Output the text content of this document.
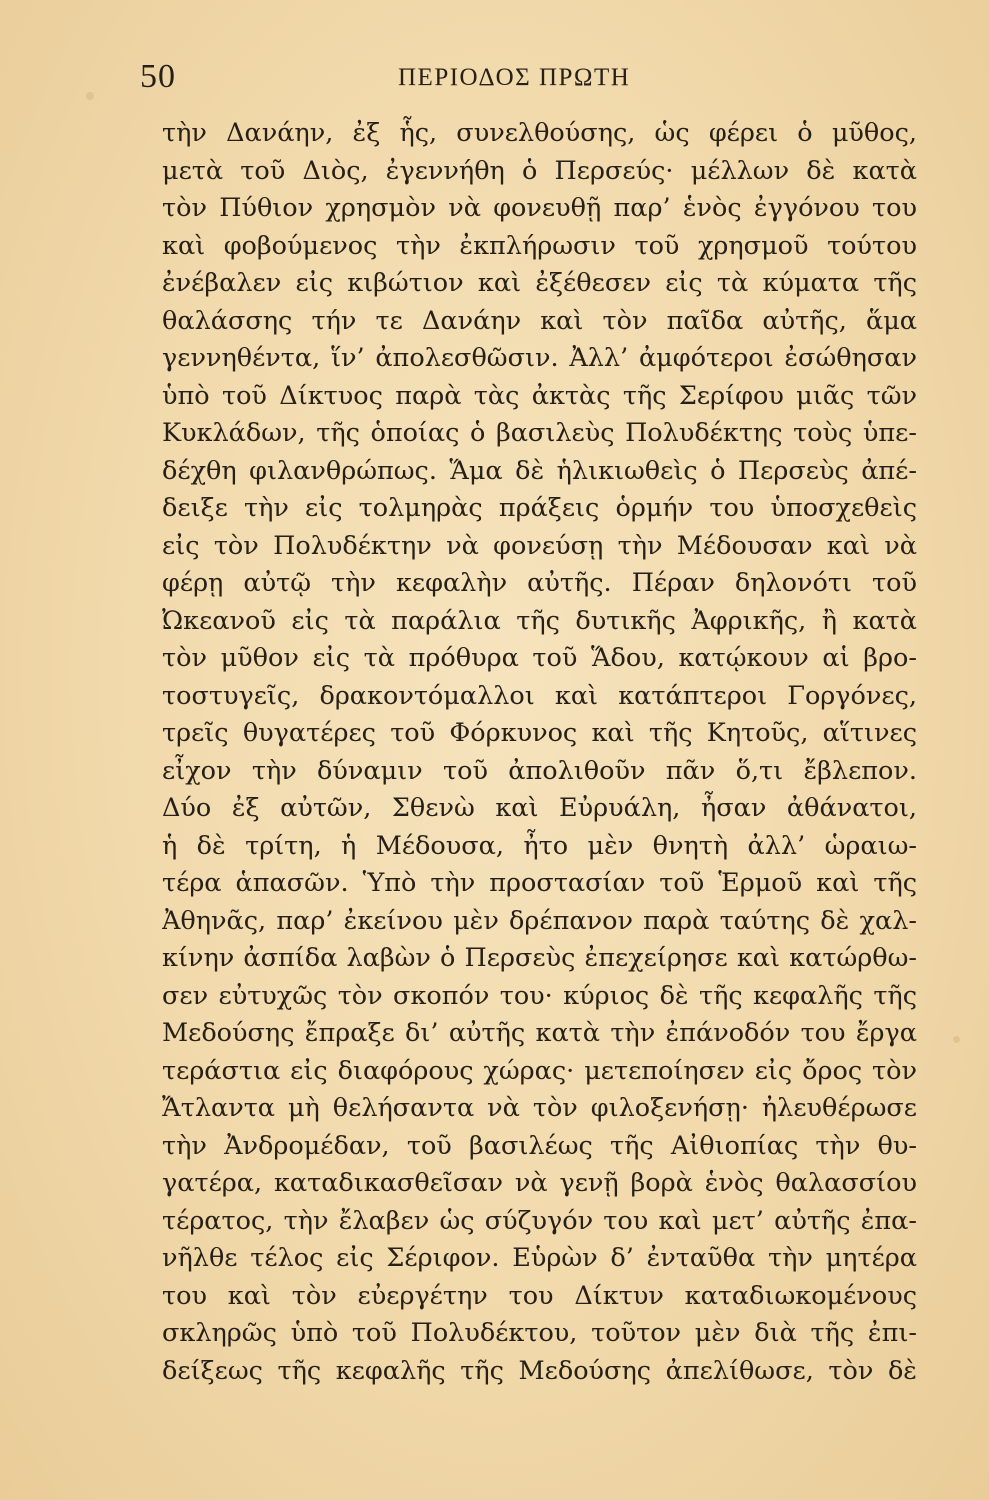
50	ΠΕΡΙΟΔΟΣ ΠΡΩΤΗ
τὴν Δανάην, ἐξ ἧς, συνελθούσης, ὡς φέρει ὁ μῦθος,
μετὰ τοῦ Διὸς, ἐγεννήθη ὁ Περσεύς· μέλλων δὲ κατὰ
τὸν Πύθιον χρησμὸν νὰ φονευθῇ παρ’ ἑνὸς ἐγγόνου του
καὶ φοβούμενος τὴν ἐκπλήρωσιν τοῦ χρησμοῦ τούτου
ἐνέβαλεν εἰς κιβώτιον καὶ ἐξέθεσεν εἰς τὰ κύματα τῆς
θαλάσσης τήν τε Δανάην καὶ τὸν παῖδα αὐτῆς, ἅμα
γεννηθέντα, ἵν’ ἀπολεσθῶσιν. Ἀλλ’ ἀμφότεροι ἐσώθησαν
ὑπὸ τοῦ Δίκτυος παρὰ τὰς ἀκτὰς τῆς Σερίφου μιᾶς τῶν
Κυκλάδων, τῆς ὁποίας ὁ βασιλεὺς Πολυδέκτης τοὺς ὑπε-
δέχθη φιλανθρώπως. Ἅμα δὲ ἡλικιωθεὶς ὁ Περσεὺς ἀπέ-
δειξε τὴν εἰς τολμηρὰς πράξεις ὁρμήν του ὑποσχεθεὶς
εἰς τὸν Πολυδέκτην νὰ φονεύσῃ τὴν Μέδουσαν καὶ νὰ
φέρῃ αὐτῷ τὴν κεφαλὴν αὐτῆς. Πέραν δηλονότι τοῦ
Ὠκεανοῦ εἰς τὰ παράλια τῆς δυτικῆς Ἀφρικῆς, ἢ κατὰ
τὸν μῦθον εἰς τὰ πρόθυρα τοῦ Ἅδου, κατῴκουν αἱ βρο-
τοστυγεῖς, δρακοντόμαλλοι καὶ κατάπτεροι Γοργόνες,
τρεῖς θυγατέρες τοῦ Φόρκυνος καὶ τῆς Κητοῦς, αἵτινες
εἶχον τὴν δύναμιν τοῦ ἀπολιθοῦν πᾶν ὅ,τι ἔβλεπον.
Δύο ἐξ αὐτῶν, Σθενὼ καὶ Εὐρυάλη, ἦσαν ἀθάνατοι,
ἡ δὲ τρίτη, ἡ Μέδουσα, ἦτο μὲν θνητὴ ἀλλ’ ὡραιω-
τέρα ἁπασῶν. Ὑπὸ τὴν προστασίαν τοῦ Ἑρμοῦ καὶ τῆς
Ἀθηνᾶς, παρ’ ἐκείνου μὲν δρέπανον παρὰ ταύτης δὲ χαλ-
κίνην ἀσπίδα λαβὼν ὁ Περσεὺς ἐπεχείρησε καὶ κατώρθω-
σεν εὐτυχῶς τὸν σκοπόν του· κύριος δὲ τῆς κεφαλῆς τῆς
Μεδούσης ἔπραξε δι’ αὐτῆς κατὰ τὴν ἐπάνοδόν του ἔργα
τεράστια εἰς διαφόρους χώρας· μετεποίησεν εἰς ὄρος τὸν
Ἄτλαντα μὴ θελήσαντα νὰ τὸν φιλοξενήσῃ· ἠλευθέρωσε
τὴν Ἀνδρομέδαν, τοῦ βασιλέως τῆς Αἰθιοπίας τὴν θυ-
γατέρα, καταδικασθεῖσαν νὰ γενῇ βορὰ ἑνὸς θαλασσίου
τέρατος, τὴν ἔλαβεν ὡς σύζυγόν του καὶ μετ’ αὐτῆς ἐπα-
νῆλθε τέλος εἰς Σέριφον. Εὑρὼν δ’ ἐνταῦθα τὴν μητέρα
του καὶ τὸν εὐεργέτην του Δίκτυν καταδιωκομένους
σκληρῶς ὑπὸ τοῦ Πολυδέκτου, τοῦτον μὲν διὰ τῆς ἐπι-
δείξεως τῆς κεφαλῆς τῆς Μεδούσης ἀπελίθωσε, τὸν δὲ
